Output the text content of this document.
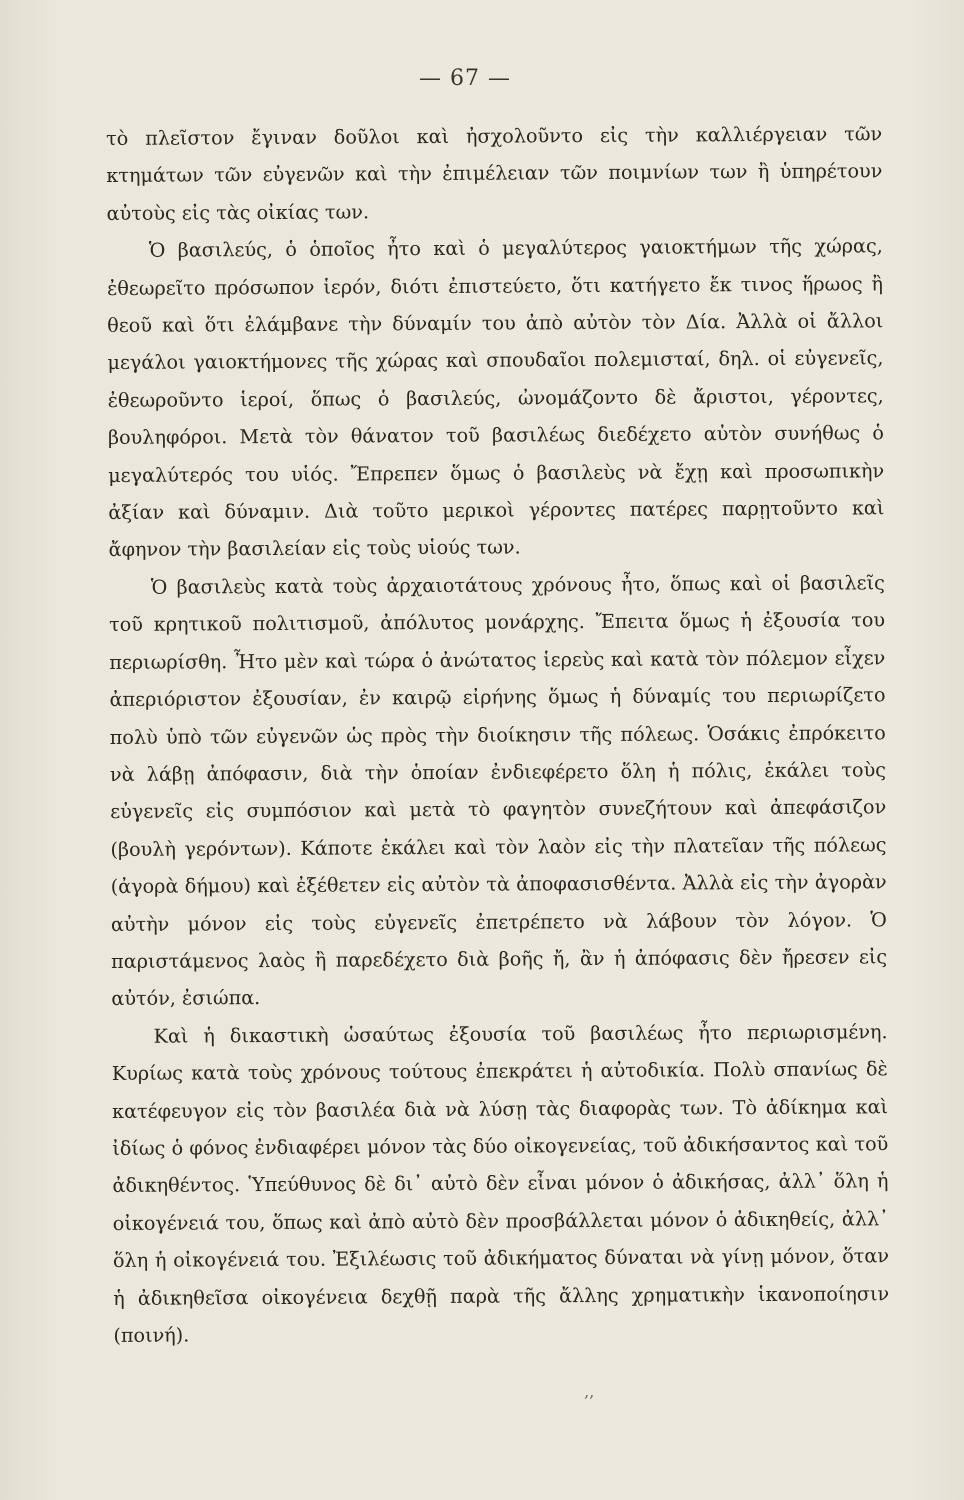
— 67 —

τὸ πλεῖστον ἔγιναν δοῦλοι καὶ ἠσχολοῦντο εἰς τὴν καλλιέργειαν τῶν κτημάτων τῶν εὐγενῶν καὶ τὴν ἐπιμέλειαν τῶν ποιμνίων των ἢ ὑπηρέτουν αὐτοὺς εἰς τὰς οἰκίας των.

Ὁ βασιλεύς, ὁ ὁποῖος ἦτο καὶ ὁ μεγαλύτερος γαιοκτήμων τῆς χώρας, ἐθεωρεῖτο πρόσωπον ἱερόν, διότι ἐπιστεύετο, ὅτι κατήγετο ἔκ τινος ἥρωος ἢ θεοῦ καὶ ὅτι ἐλάμβανε τὴν δύναμίν του ἀπὸ αὐτὸν τὸν Δία. Ἀλλὰ οἱ ἄλλοι μεγάλοι γαιοκτήμονες τῆς χώρας καὶ σπουδαῖοι πολεμισταί, δηλ. οἱ εὐγενεῖς, ἐθεωροῦντο ἱεροί, ὅπως ὁ βασιλεύς, ὠνομάζοντο δὲ ἄριστοι, γέροντες, βουληφόροι. Μετὰ τὸν θάνατον τοῦ βασιλέως διεδέχετο αὐτὸν συνήθως ὁ μεγαλύτερός του υἱός. Ἔπρεπεν ὅμως ὁ βασιλεὺς νὰ ἔχῃ καὶ προσωπικὴν ἀξίαν καὶ δύναμιν. Διὰ τοῦτο μερικοὶ γέροντες πατέρες παρῃτοῦντο καὶ ἄφηνον τὴν βασιλείαν εἰς τοὺς υἱούς των.

Ὁ βασιλεὺς κατὰ τοὺς ἀρχαιοτάτους χρόνους ἦτο, ὅπως καὶ οἱ βασιλεῖς τοῦ κρητικοῦ πολιτισμοῦ, ἀπόλυτος μονάρχης. Ἔπειτα ὅμως ἡ ἐξουσία του περιωρίσθη. Ἦτο μὲν καὶ τώρα ὁ ἀνώτατος ἱερεὺς καὶ κατὰ τὸν πόλεμον εἶχεν ἀπεριόριστον ἐξουσίαν, ἐν καιρῷ εἰρήνης ὅμως ἡ δύναμίς του περιωρίζετο πολὺ ὑπὸ τῶν εὐγενῶν ὡς πρὸς τὴν διοίκησιν τῆς πόλεως. Ὁσάκις ἐπρόκειτο νὰ λάβῃ ἀπόφασιν, διὰ τὴν ὁποίαν ἐνδιεφέρετο ὅλη ἡ πόλις, ἐκάλει τοὺς εὐγενεῖς εἰς συμπόσιον καὶ μετὰ τὸ φαγητὸν συνεζήτουν καὶ ἀπεφάσιζον (βουλὴ γερόντων). Κάποτε ἐκάλει καὶ τὸν λαὸν εἰς τὴν πλατεῖαν τῆς πόλεως (ἀγορὰ δήμου) καὶ ἐξέθετεν εἰς αὐτὸν τὰ ἀποφασισθέντα. Ἀλλὰ εἰς τὴν ἀγορὰν αὐτὴν μόνον εἰς τοὺς εὐγενεῖς ἐπετρέπετο νὰ λάβουν τὸν λόγον. Ὁ παριστάμενος λαὸς ἢ παρεδέχετο διὰ βοῆς ἤ, ἂν ἡ ἀπόφασις δὲν ἤρεσεν εἰς αὐτόν, ἐσιώπα.

Καὶ ἡ δικαστικὴ ὡσαύτως ἐξουσία τοῦ βασιλέως ἦτο περιωρισμένη. Κυρίως κατὰ τοὺς χρόνους τούτους ἐπεκράτει ἡ αὐτοδικία. Πολὺ σπανίως δὲ κατέφευγον εἰς τὸν βασιλέα διὰ νὰ λύσῃ τὰς διαφορὰς των. Τὸ ἀδίκημα καὶ ἰδίως ὁ φόνος ἐνδιαφέρει μόνον τὰς δύο οἰκογενείας, τοῦ ἀδικήσαντος καὶ τοῦ ἀδικηθέντος. Ὑπεύθυνος δὲ δι᾿ αὐτὸ δὲν εἶναι μόνον ὁ ἀδικήσας, ἀλλ᾿ ὅλη ἡ οἰκογένειά του, ὅπως καὶ ἀπὸ αὐτὸ δὲν προσβάλλεται μόνον ὁ ἀδικηθείς, ἀλλ᾿ ὅλη ἡ οἰκογένειά του. Ἐξιλέωσις τοῦ ἀδικήματος δύναται νὰ γίνῃ μόνον, ὅταν ἡ ἀδικηθεῖσα οἰκογένεια δεχθῇ παρὰ τῆς ἄλλης χρηματικὴν ἱκανοποίησιν (ποινή).

‚‚
